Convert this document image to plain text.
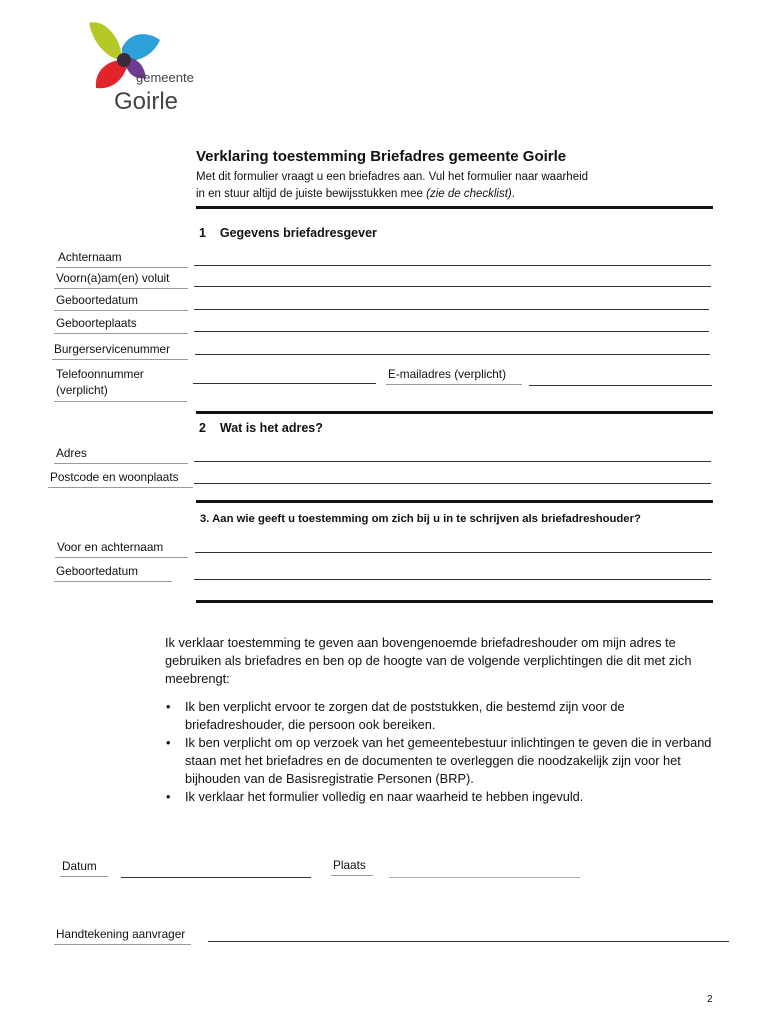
gemeente
Goirle
Verklaring toestemming Briefadres gemeente Goirle
Met dit formulier vraagt u een briefadres aan. Vul het formulier naar waarheid
in en stuur altijd de juiste bewijsstukken mee (zie de checklist).
1 Gegevens briefadresgever
Achternaam
Voorn(a)am(en) voluit
Geboortedatum
Geboorteplaats
Burgerservicenummer
Telefoonnummer
(verplicht)
E-mailadres (verplicht)
2 Wat is het adres?
Adres
Postcode en woonplaats
3. Aan wie geeft u toestemming om zich bij u in te schrijven als briefadreshouder?
Voor en achternaam
Geboortedatum

Ik verklaar toestemming te geven aan bovengenoemde briefadreshouder om mijn adres te gebruiken als briefadres en ben op de hoogte van de volgende verplichtingen die dit met zich meebrengt:

• Ik ben verplicht ervoor te zorgen dat de poststukken, die bestemd zijn voor de briefadreshouder, die persoon ook bereiken.
• Ik ben verplicht om op verzoek van het gemeentebestuur inlichtingen te geven die in verband staan met het briefadres en de documenten te overleggen die noodzakelijk zijn voor het bijhouden van de Basisregistratie Personen (BRP).
• Ik verklaar het formulier volledig en naar waarheid te hebben ingevuld.
Datum	Plaats
Handtekening aanvrager
2
